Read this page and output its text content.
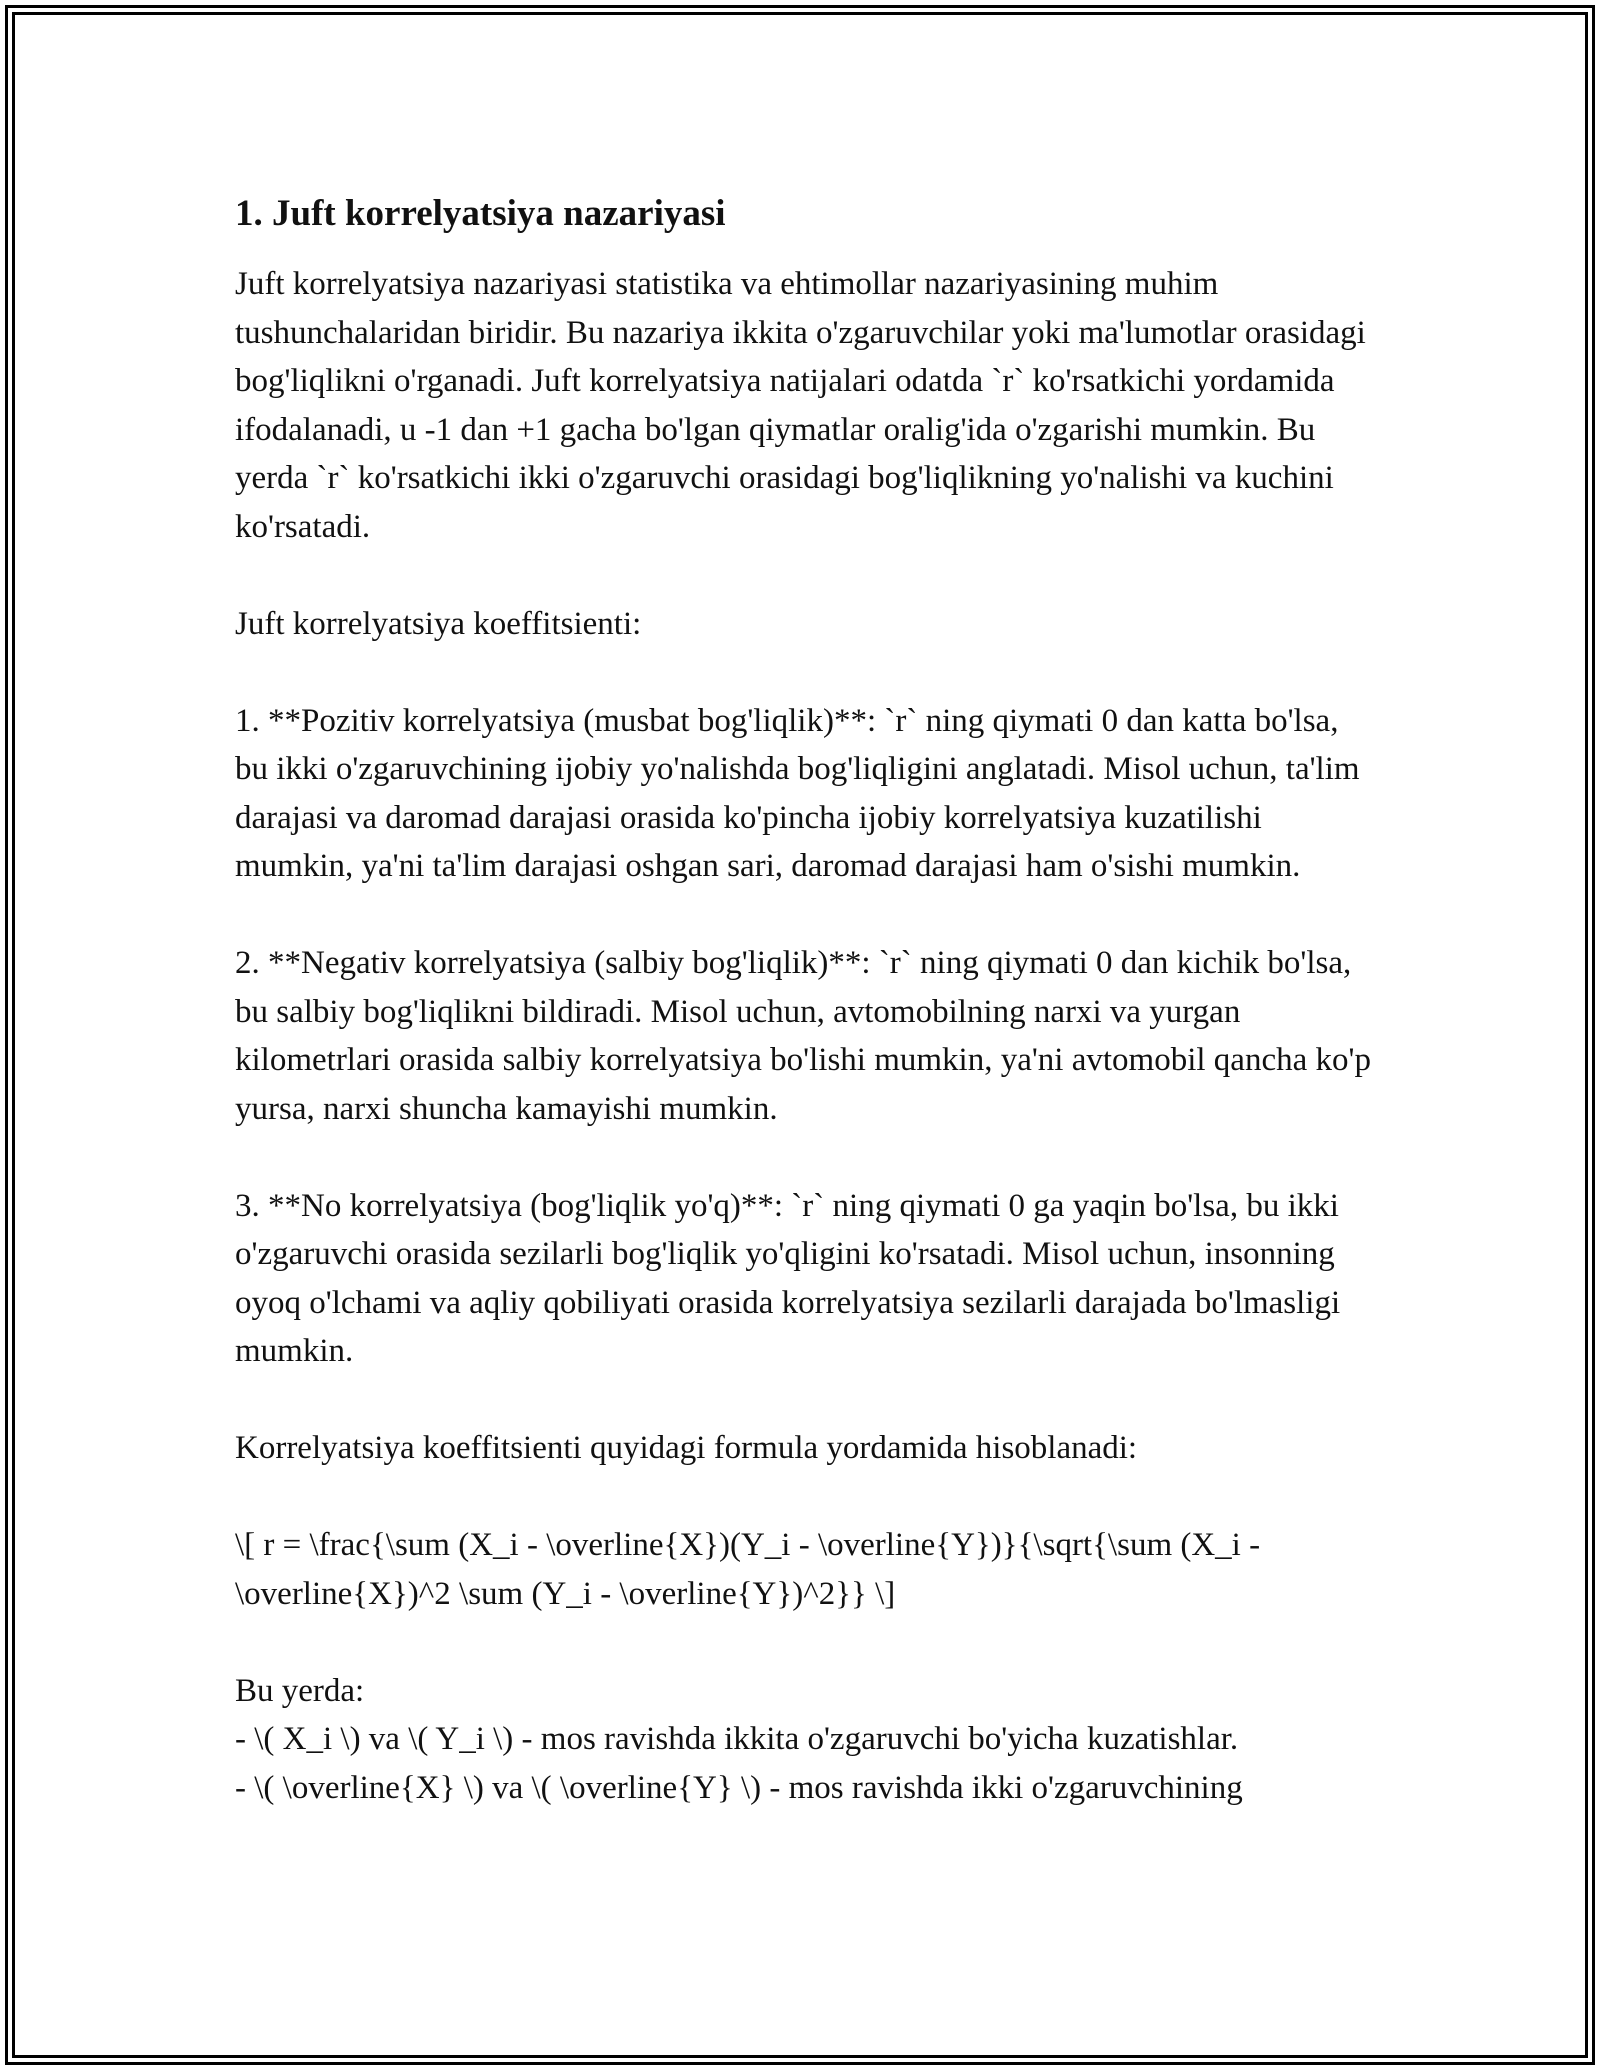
1. Juft korrelyatsiya nazariyasi

Juft korrelyatsiya nazariyasi statistika va ehtimollar nazariyasining muhim tushunchalaridan biridir. Bu nazariya ikkita o'zgaruvchilar yoki ma'lumotlar orasidagi bog'liqlikni o'rganadi. Juft korrelyatsiya natijalari odatda `r` ko'rsatkichi yordamida ifodalanadi, u -1 dan +1 gacha bo'lgan qiymatlar oralig'ida o'zgarishi mumkin. Bu yerda `r` ko'rsatkichi ikki o'zgaruvchi orasidagi bog'liqlikning yo'nalishi va kuchini ko'rsatadi.

Juft korrelyatsiya koeffitsienti:

1. **Pozitiv korrelyatsiya (musbat bog'liqlik)**: `r` ning qiymati 0 dan katta bo'lsa, bu ikki o'zgaruvchining ijobiy yo'nalishda bog'liqligini anglatadi. Misol uchun, ta'lim darajasi va daromad darajasi orasida ko'pincha ijobiy korrelyatsiya kuzatilishi mumkin, ya'ni ta'lim darajasi oshgan sari, daromad darajasi ham o'sishi mumkin.

2. **Negativ korrelyatsiya (salbiy bog'liqlik)**: `r` ning qiymati 0 dan kichik bo'lsa, bu salbiy bog'liqlikni bildiradi. Misol uchun, avtomobilning narxi va yurgan kilometrlari orasida salbiy korrelyatsiya bo'lishi mumkin, ya'ni avtomobil qancha ko'p yursa, narxi shuncha kamayishi mumkin.

3. **No korrelyatsiya (bog'liqlik yo'q)**: `r` ning qiymati 0 ga yaqin bo'lsa, bu ikki o'zgaruvchi orasida sezilarli bog'liqlik yo'qligini ko'rsatadi. Misol uchun, insonning oyoq o'lchami va aqliy qobiliyati orasida korrelyatsiya sezilarli darajada bo'lmasligi mumkin.

Korrelyatsiya koeffitsienti quyidagi formula yordamida hisoblanadi:

\[ r = \frac{\sum (X_i - \overline{X})(Y_i - \overline{Y})}{\sqrt{\sum (X_i - \overline{X})^2 \sum (Y_i - \overline{Y})^2}} \]

Bu yerda:
- \( X_i \) va \( Y_i \) - mos ravishda ikkita o'zgaruvchi bo'yicha kuzatishlar.
- \( \overline{X} \) va \( \overline{Y} \) - mos ravishda ikki o'zgaruvchining
